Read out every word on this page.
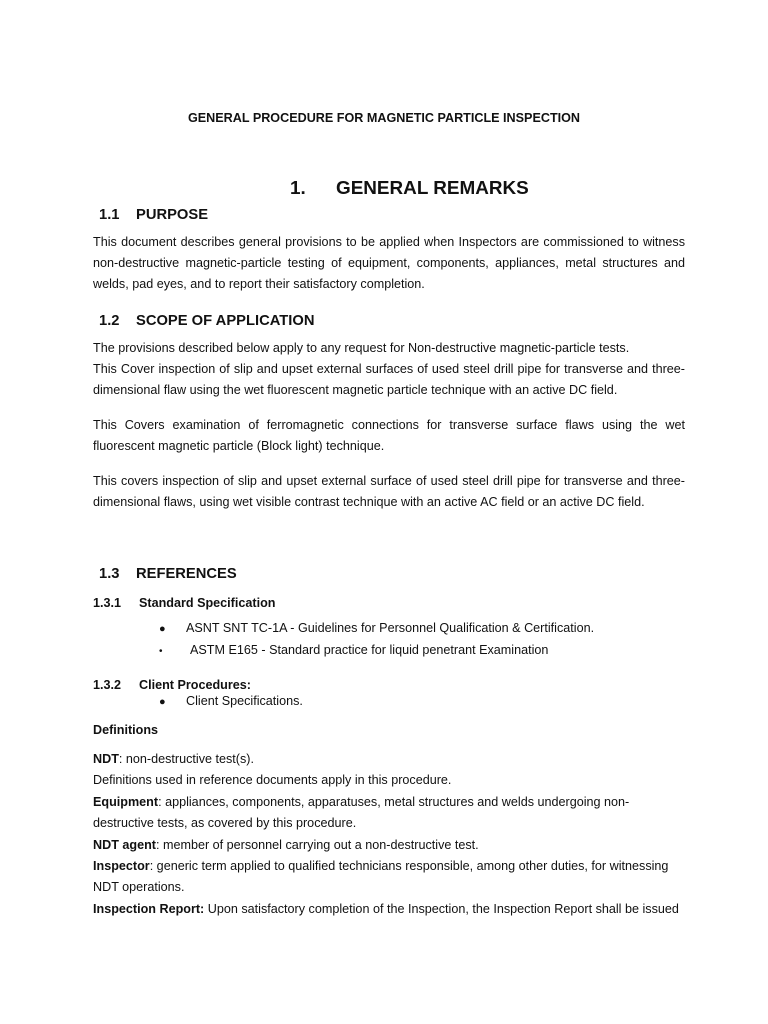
GENERAL PROCEDURE FOR MAGNETIC PARTICLE INSPECTION
1. GENERAL REMARKS
1.1 PURPOSE

This document describes general provisions to be applied when Inspectors are commissioned to witness non-destructive magnetic-particle testing of equipment, components, appliances, metal structures and welds, pad eyes, and to report their satisfactory completion.

1.2 SCOPE OF APPLICATION

The provisions described below apply to any request for Non-destructive magnetic-particle tests.

This Cover inspection of slip and upset external surfaces of used steel drill pipe for transverse and three-dimensional flaw using the wet fluorescent magnetic particle technique with an active DC field.

This Covers examination of ferromagnetic connections for transverse surface flaws using the wet fluorescent magnetic particle (Block light) technique.

This covers inspection of slip and upset external surface of used steel drill pipe for transverse and three-dimensional flaws, using wet visible contrast technique with an active AC field or an active DC field.

1.3 REFERENCES
1.3.1 Standard Specification
● ASNT SNT TC-1A - Guidelines for Personnel Qualification & Certification.
• ASTM E165 - Standard practice for liquid penetrant Examination
1.3.2 Client Procedures:
● Client Specifications.
Definitions
NDT: non-destructive test(s).
Definitions used in reference documents apply in this procedure.
Equipment: appliances, components, apparatuses, metal structures and welds undergoing non-
destructive tests, as covered by this procedure.
NDT agent: member of personnel carrying out a non-destructive test.
Inspector: generic term applied to qualified technicians responsible, among other duties, for witnessing
NDT operations.
Inspection Report: Upon satisfactory completion of the Inspection, the Inspection Report shall be issued
